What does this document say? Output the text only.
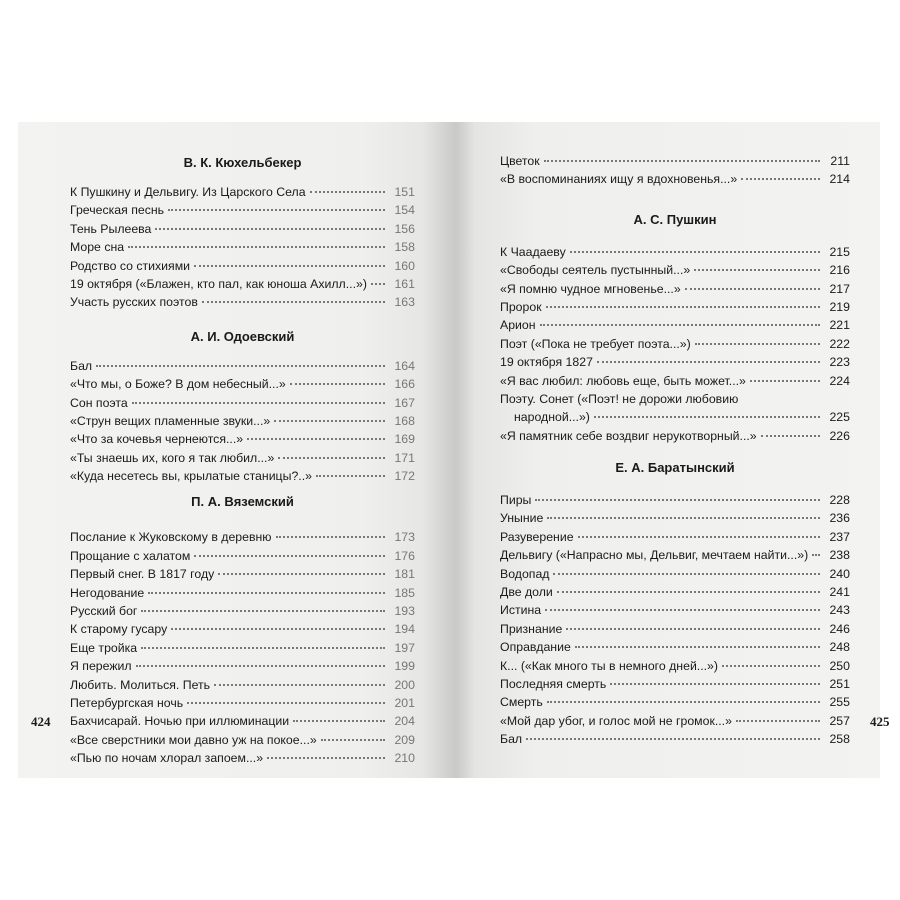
В. К. Кюхельбекер
К Пушкину и Дельвигу. Из Царского Села	151
Греческая песнь	154
Тень Рылеева	156
Море сна	158
Родство со стихиями	160
19 октября («Блажен, кто пал, как юноша Ахилл...»)	161
Участь русских поэтов	163
А. И. Одоевский
Бал	164
«Что мы, о Боже? В дом небесный...»	166
Сон поэта	167
«Струн вещих пламенные звуки...»	168
«Что за кочевья чернеются...»	169
«Ты знаешь их, кого я так любил...»	171
«Куда несетесь вы, крылатые станицы?..»	172
П. А. Вяземский
Послание к Жуковскому в деревню	173
Прощание с халатом	176
Первый снег. В 1817 году	181
Негодование	185
Русский бог	193
К старому гусару	194
Еще тройка	197
Я пережил	199
Любить. Молиться. Петь	200
Петербургская ночь	201
Бахчисарай. Ночью при иллюминации	204
«Все сверстники мои давно уж на покое...»	209
«Пью по ночам хлорал запоем...»	210
424
Цветок	211
«В воспоминаниях ищу я вдохновенья...»	214
А. С. Пушкин
К Чаадаеву	215
«Свободы сеятель пустынный...»	216
«Я помню чудное мгновенье...»	217
Пророк	219
Арион	221
Поэт («Пока не требует поэта...»)	222
19 октября 1827	223
«Я вас любил: любовь еще, быть может...»	224
Поэту. Сонет («Поэт! не дорожи любовию
народной...»)	225
«Я памятник себе воздвиг нерукотворный...»	226
Е. А. Баратынский
Пиры	228
Уныние	236
Разуверение	237
Дельвигу («Напрасно мы, Дельвиг, мечтаем найти...»)	238
Водопад	240
Две доли	241
Истина	243
Признание	246
Оправдание	248
К... («Как много ты в немного дней...»)	250
Последняя смерть	251
Смерть	255
«Мой дар убог, и голос мой не громок...»	257
Бал	258
425
